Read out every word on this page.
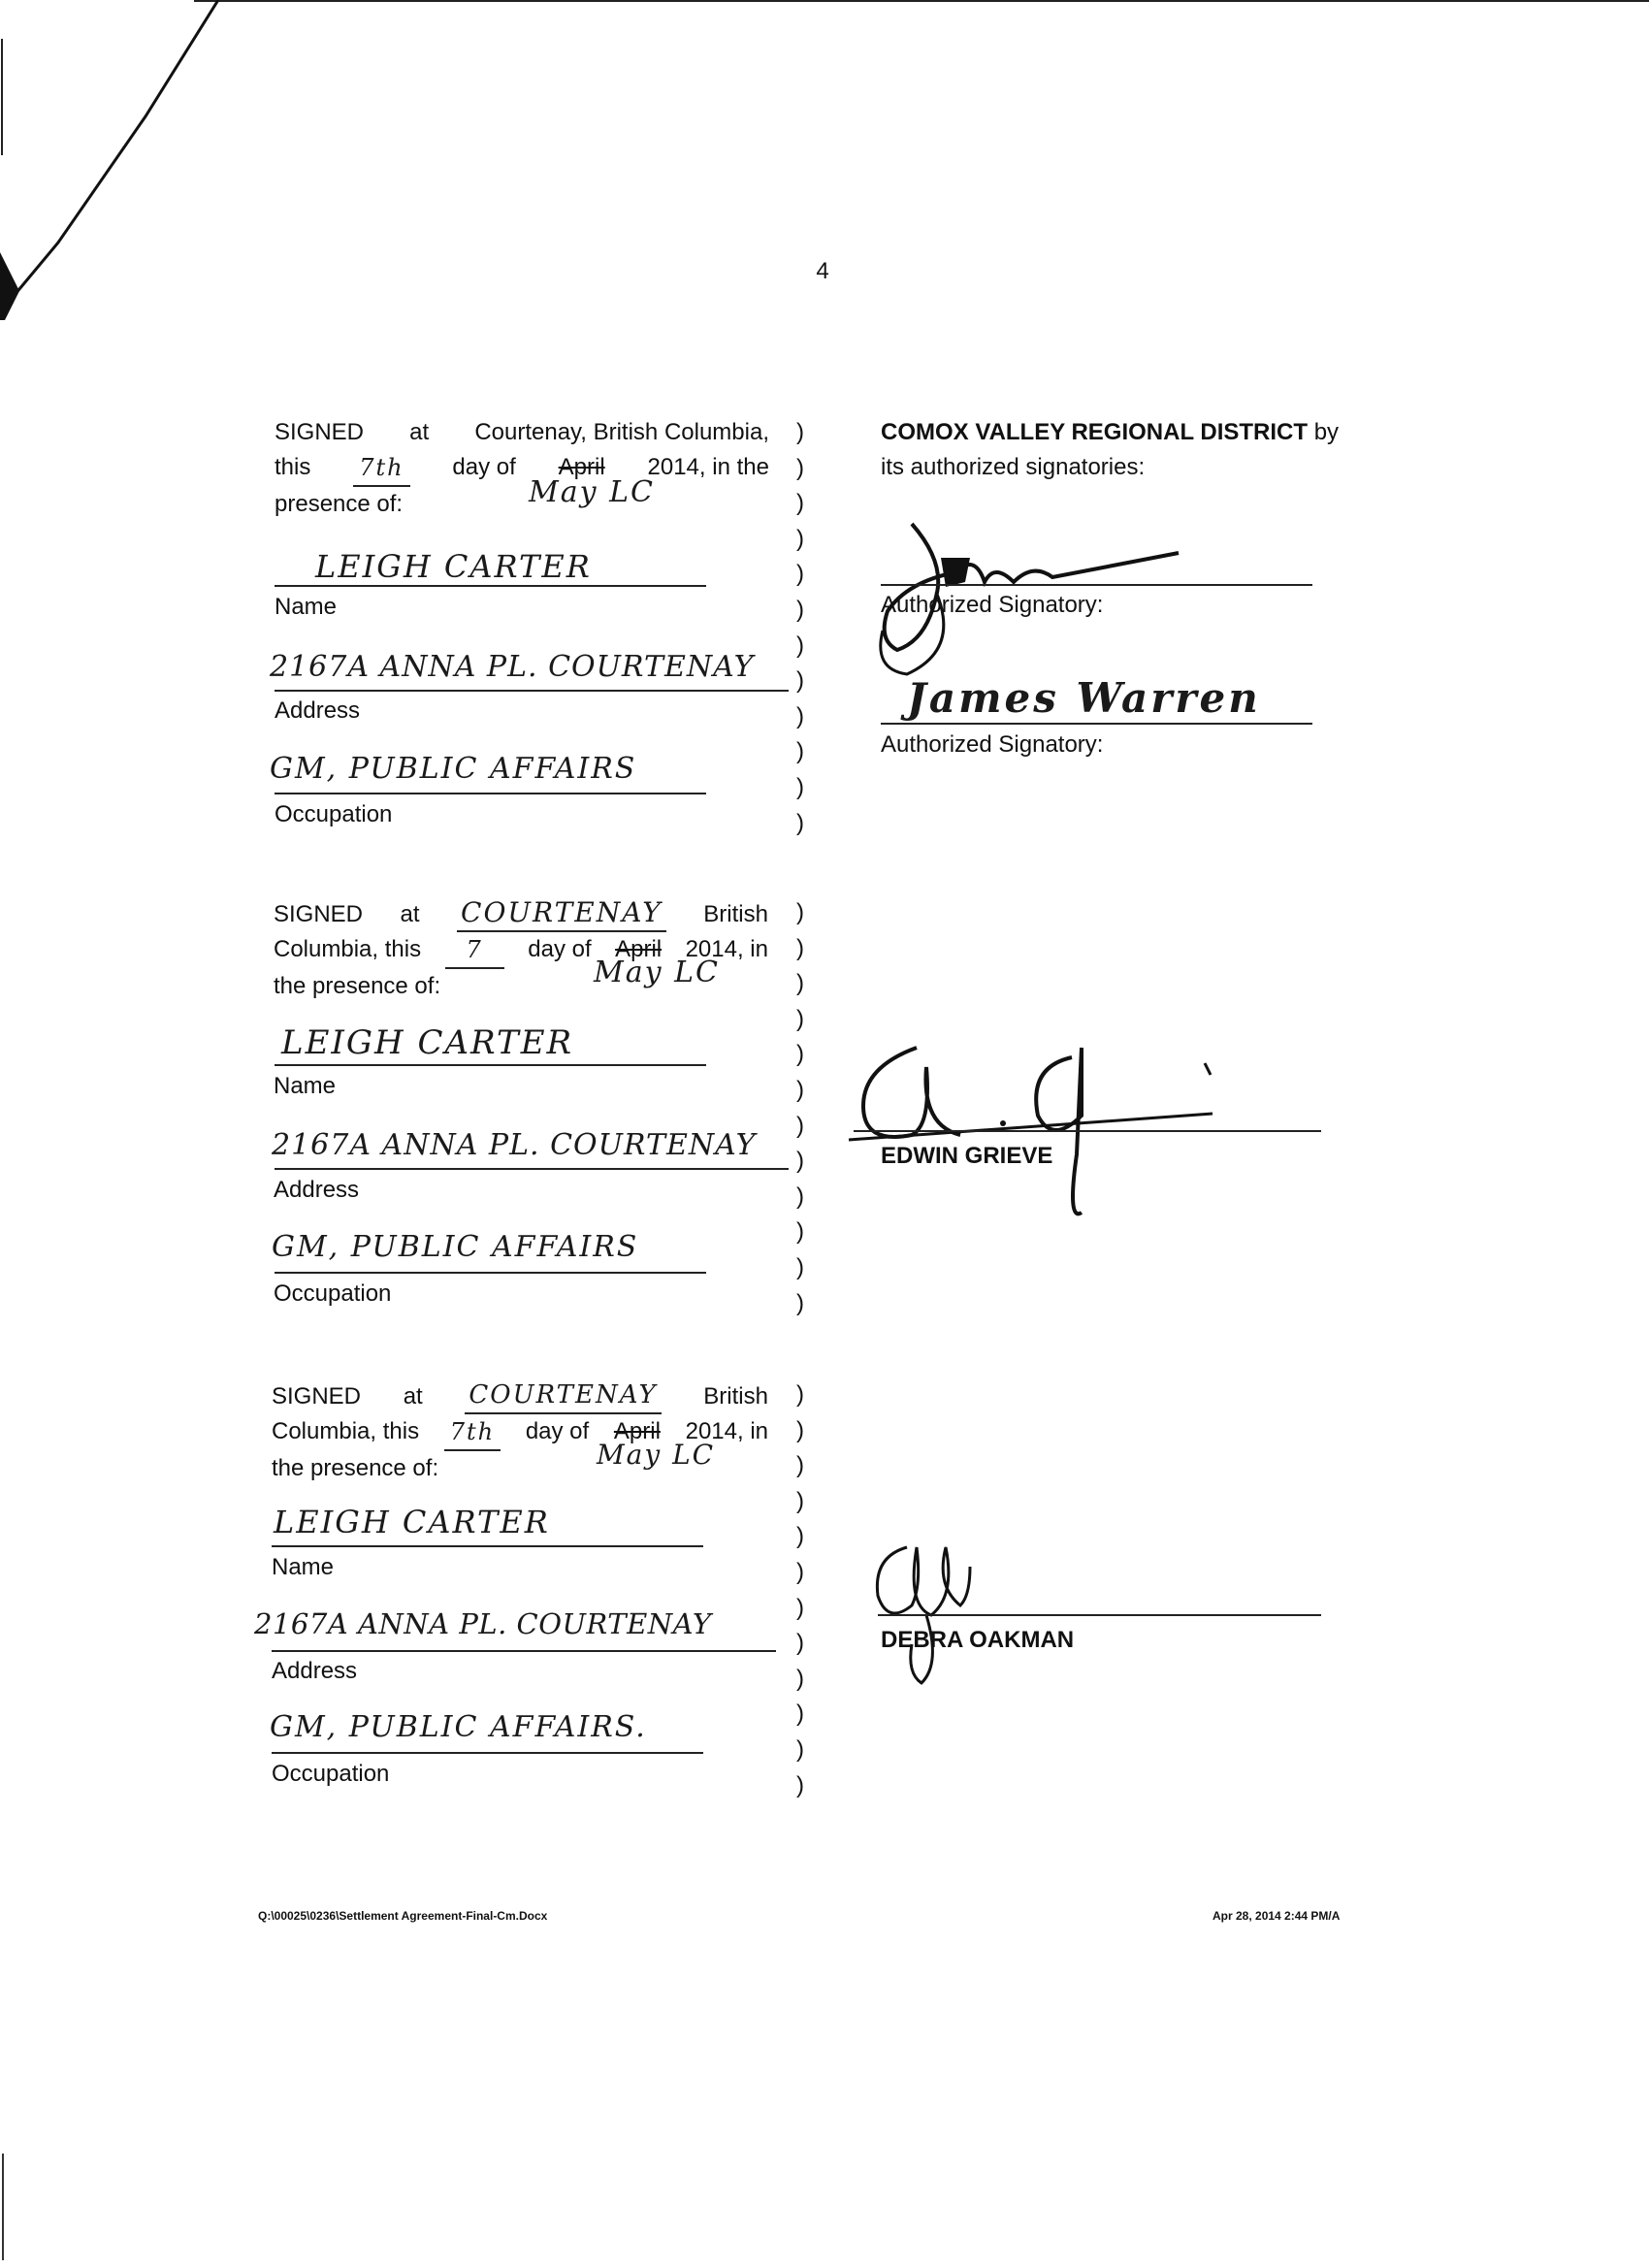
4
SIGNED at Courtenay, British Columbia,
this 7th day of April 2014, in the
presence of:	May LC
LEIGH CARTER
Name
2167A ANNA PL. COURTENAY
Address
GM, PUBLIC AFFAIRS
Occupation
)
)
)
)
)
)
)
)
)
)
)
)
COMOX VALLEY REGIONAL DISTRICT by
its authorized signatories:
Authorized Signatory:
James Warren
Authorized Signatory:
SIGNED at COURTENAY British
Columbia, this	7	day of April 2014, in
the presence of:	May LC
LEIGH CARTER
Name
2167A ANNA PL. COURTENAY
Address
GM, PUBLIC AFFAIRS
Occupation
)
)
)
)
)
)
)
)
)
)
)
)
EDWIN GRIEVE
SIGNED at COURTENAY British
Columbia, this 7th day of April 2014, in
the presence of:	May LC
LEIGH CARTER
Name
2167A ANNA PL. COURTENAY
Address
GM, PUBLIC AFFAIRS.
Occupation
)
)
)
)
)
)
)
)
)
)
)
)
DEBRA OAKMAN
Q:\00025\0236\Settlement Agreement-Final-Cm.Docx	Apr 28, 2014 2:44 PM/A
